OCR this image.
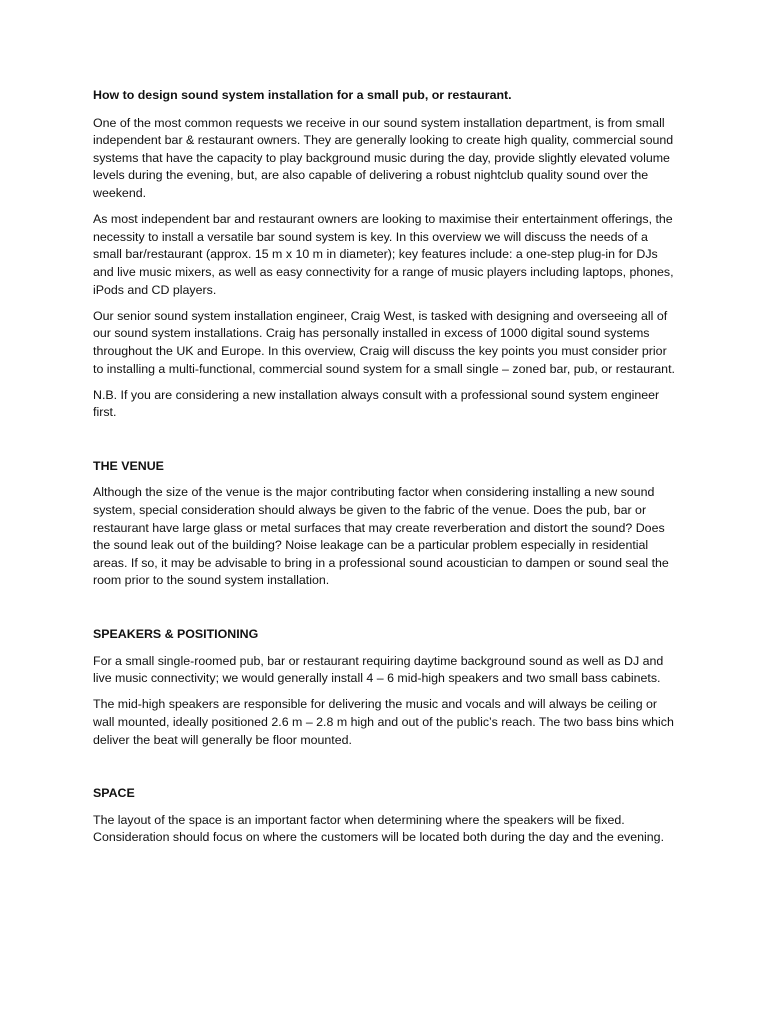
How to design sound system installation for a small pub, or restaurant.

One of the most common requests we receive in our sound system installation department, is from small independent bar & restaurant owners. They are generally looking to create high quality, commercial sound systems that have the capacity to play background music during the day, provide slightly elevated volume levels during the evening, but, are also capable of delivering a robust nightclub quality sound over the weekend.

As most independent bar and restaurant owners are looking to maximise their entertainment offerings, the necessity to install a versatile bar sound system is key. In this overview we will discuss the needs of a small bar/restaurant (approx. 15 m x 10 m in diameter); key features include: a one-step plug-in for DJs and live music mixers, as well as easy connectivity for a range of music players including laptops, phones, iPods and CD players.

Our senior sound system installation engineer, Craig West, is tasked with designing and overseeing all of our sound system installations. Craig has personally installed in excess of 1000 digital sound systems throughout the UK and Europe. In this overview, Craig will discuss the key points you must consider prior to installing a multi-functional, commercial sound system for a small single – zoned bar, pub, or restaurant.

N.B. If you are considering a new installation always consult with a professional sound system engineer first.

THE VENUE

Although the size of the venue is the major contributing factor when considering installing a new sound system, special consideration should always be given to the fabric of the venue. Does the pub, bar or restaurant have large glass or metal surfaces that may create reverberation and distort the sound? Does the sound leak out of the building? Noise leakage can be a particular problem especially in residential areas. If so, it may be advisable to bring in a professional sound acoustician to dampen or sound seal the room prior to the sound system installation.

SPEAKERS & POSITIONING

For a small single-roomed pub, bar or restaurant requiring daytime background sound as well as DJ and live music connectivity; we would generally install 4 – 6 mid-high speakers and two small bass cabinets.

The mid-high speakers are responsible for delivering the music and vocals and will always be ceiling or wall mounted, ideally positioned 2.6 m – 2.8 m high and out of the public’s reach. The two bass bins which deliver the beat will generally be floor mounted.

SPACE

The layout of the space is an important factor when determining where the speakers will be fixed. Consideration should focus on where the customers will be located both during the day and the evening.
